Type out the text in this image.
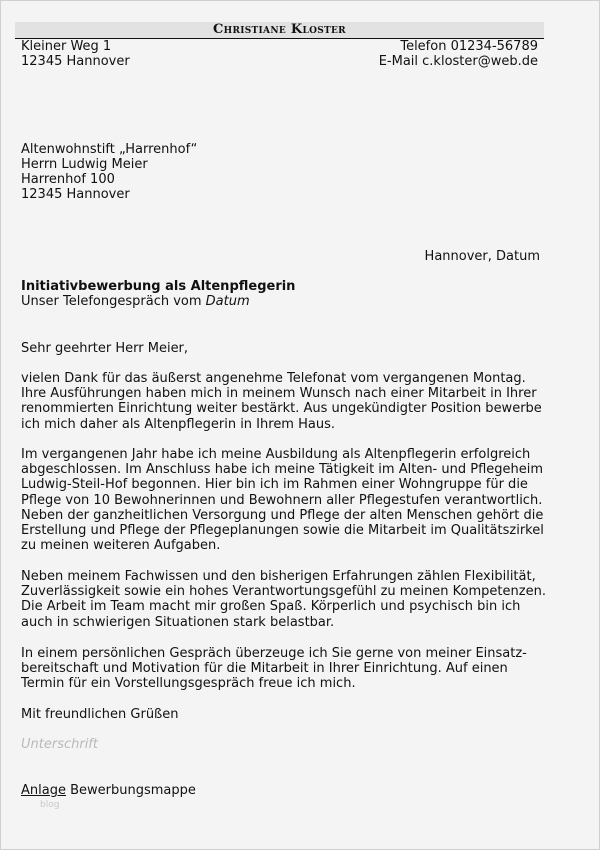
Christiane Kloster
Kleiner Weg 1
12345 Hannover
Telefon 01234-56789
E-Mail c.kloster@web.de
Altenwohnstift „Harrenhof“
Herrn Ludwig Meier
Harrenhof 100
12345 Hannover
Hannover, Datum
Initiativbewerbung als Altenpflegerin
Unser Telefongespräch vom Datum
Sehr geehrter Herr Meier,

vielen Dank für das äußerst angenehme Telefonat vom vergangenen Montag.

Ihre Ausführungen haben mich in meinem Wunsch nach einer Mitarbeit in Ihrer

renommierten Einrichtung weiter bestärkt. Aus ungekündigter Position bewerbe

ich mich daher als Altenpflegerin in Ihrem Haus.

Im vergangenen Jahr habe ich meine Ausbildung als Altenpflegerin erfolgreich

abgeschlossen. Im Anschluss habe ich meine Tätigkeit im Alten- und Pflegeheim

Ludwig-Steil-Hof begonnen. Hier bin ich im Rahmen einer Wohngruppe für die

Pflege von 10 Bewohnerinnen und Bewohnern aller Pflegestufen verantwortlich.

Neben der ganzheitlichen Versorgung und Pflege der alten Menschen gehört die

Erstellung und Pflege der Pflegeplanungen sowie die Mitarbeit im Qualitätszirkel

zu meinen weiteren Aufgaben.

Neben meinem Fachwissen und den bisherigen Erfahrungen zählen Flexibilität,

Zuverlässigkeit sowie ein hohes Verantwortungsgefühl zu meinen Kompetenzen.

Die Arbeit im Team macht mir großen Spaß. Körperlich und psychisch bin ich

auch in schwierigen Situationen stark belastbar.

In einem persönlichen Gespräch überzeuge ich Sie gerne von meiner Einsatz-

bereitschaft und Motivation für die Mitarbeit in Ihrer Einrichtung. Auf einen

Termin für ein Vorstellungsgespräch freue ich mich.

Mit freundlichen Grüßen
Unterschrift
Anlage Bewerbungsmappe
blog
